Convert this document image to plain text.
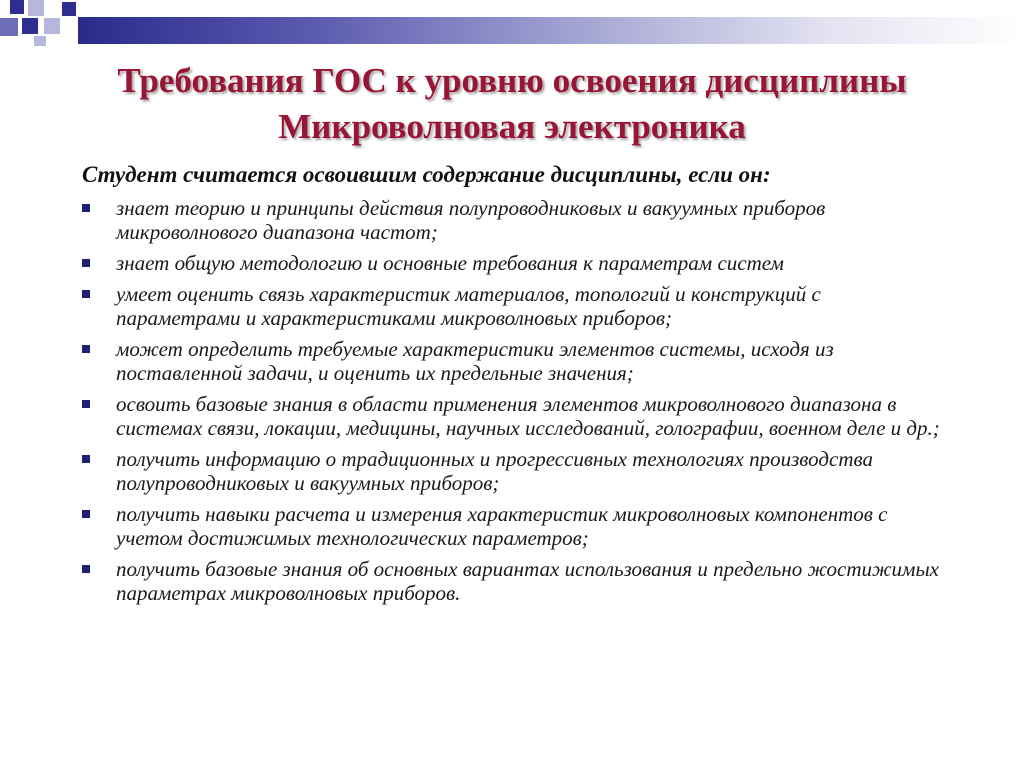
Требования ГОС к уровню освоения дисциплины
Микроволновая электроника
Студент считается освоившим содержание дисциплины, если он:
знает теорию и принципы действия полупроводниковых и вакуумных приборов микроволнового диапазона частот;
знает общую методологию и основные требования к параметрам систем
умеет оценить связь характеристик материалов, топологий и конструкций с параметрами и характеристиками микроволновых приборов;
может определить требуемые характеристики элементов системы, исходя из поставленной задачи, и оценить их предельные значения;
освоить базовые знания в области применения элементов микроволнового диапазона в системах связи, локации, медицины, научных исследований, голографии, военном деле и др.;
получить информацию о традиционных и прогрессивных технологиях производства полупроводниковых и вакуумных приборов;
получить навыки расчета и измерения характеристик микроволновых компонентов с учетом достижимых технологических параметров;
получить базовые знания об основных вариантах использования и предельно жостижимых параметрах микроволновых приборов.
